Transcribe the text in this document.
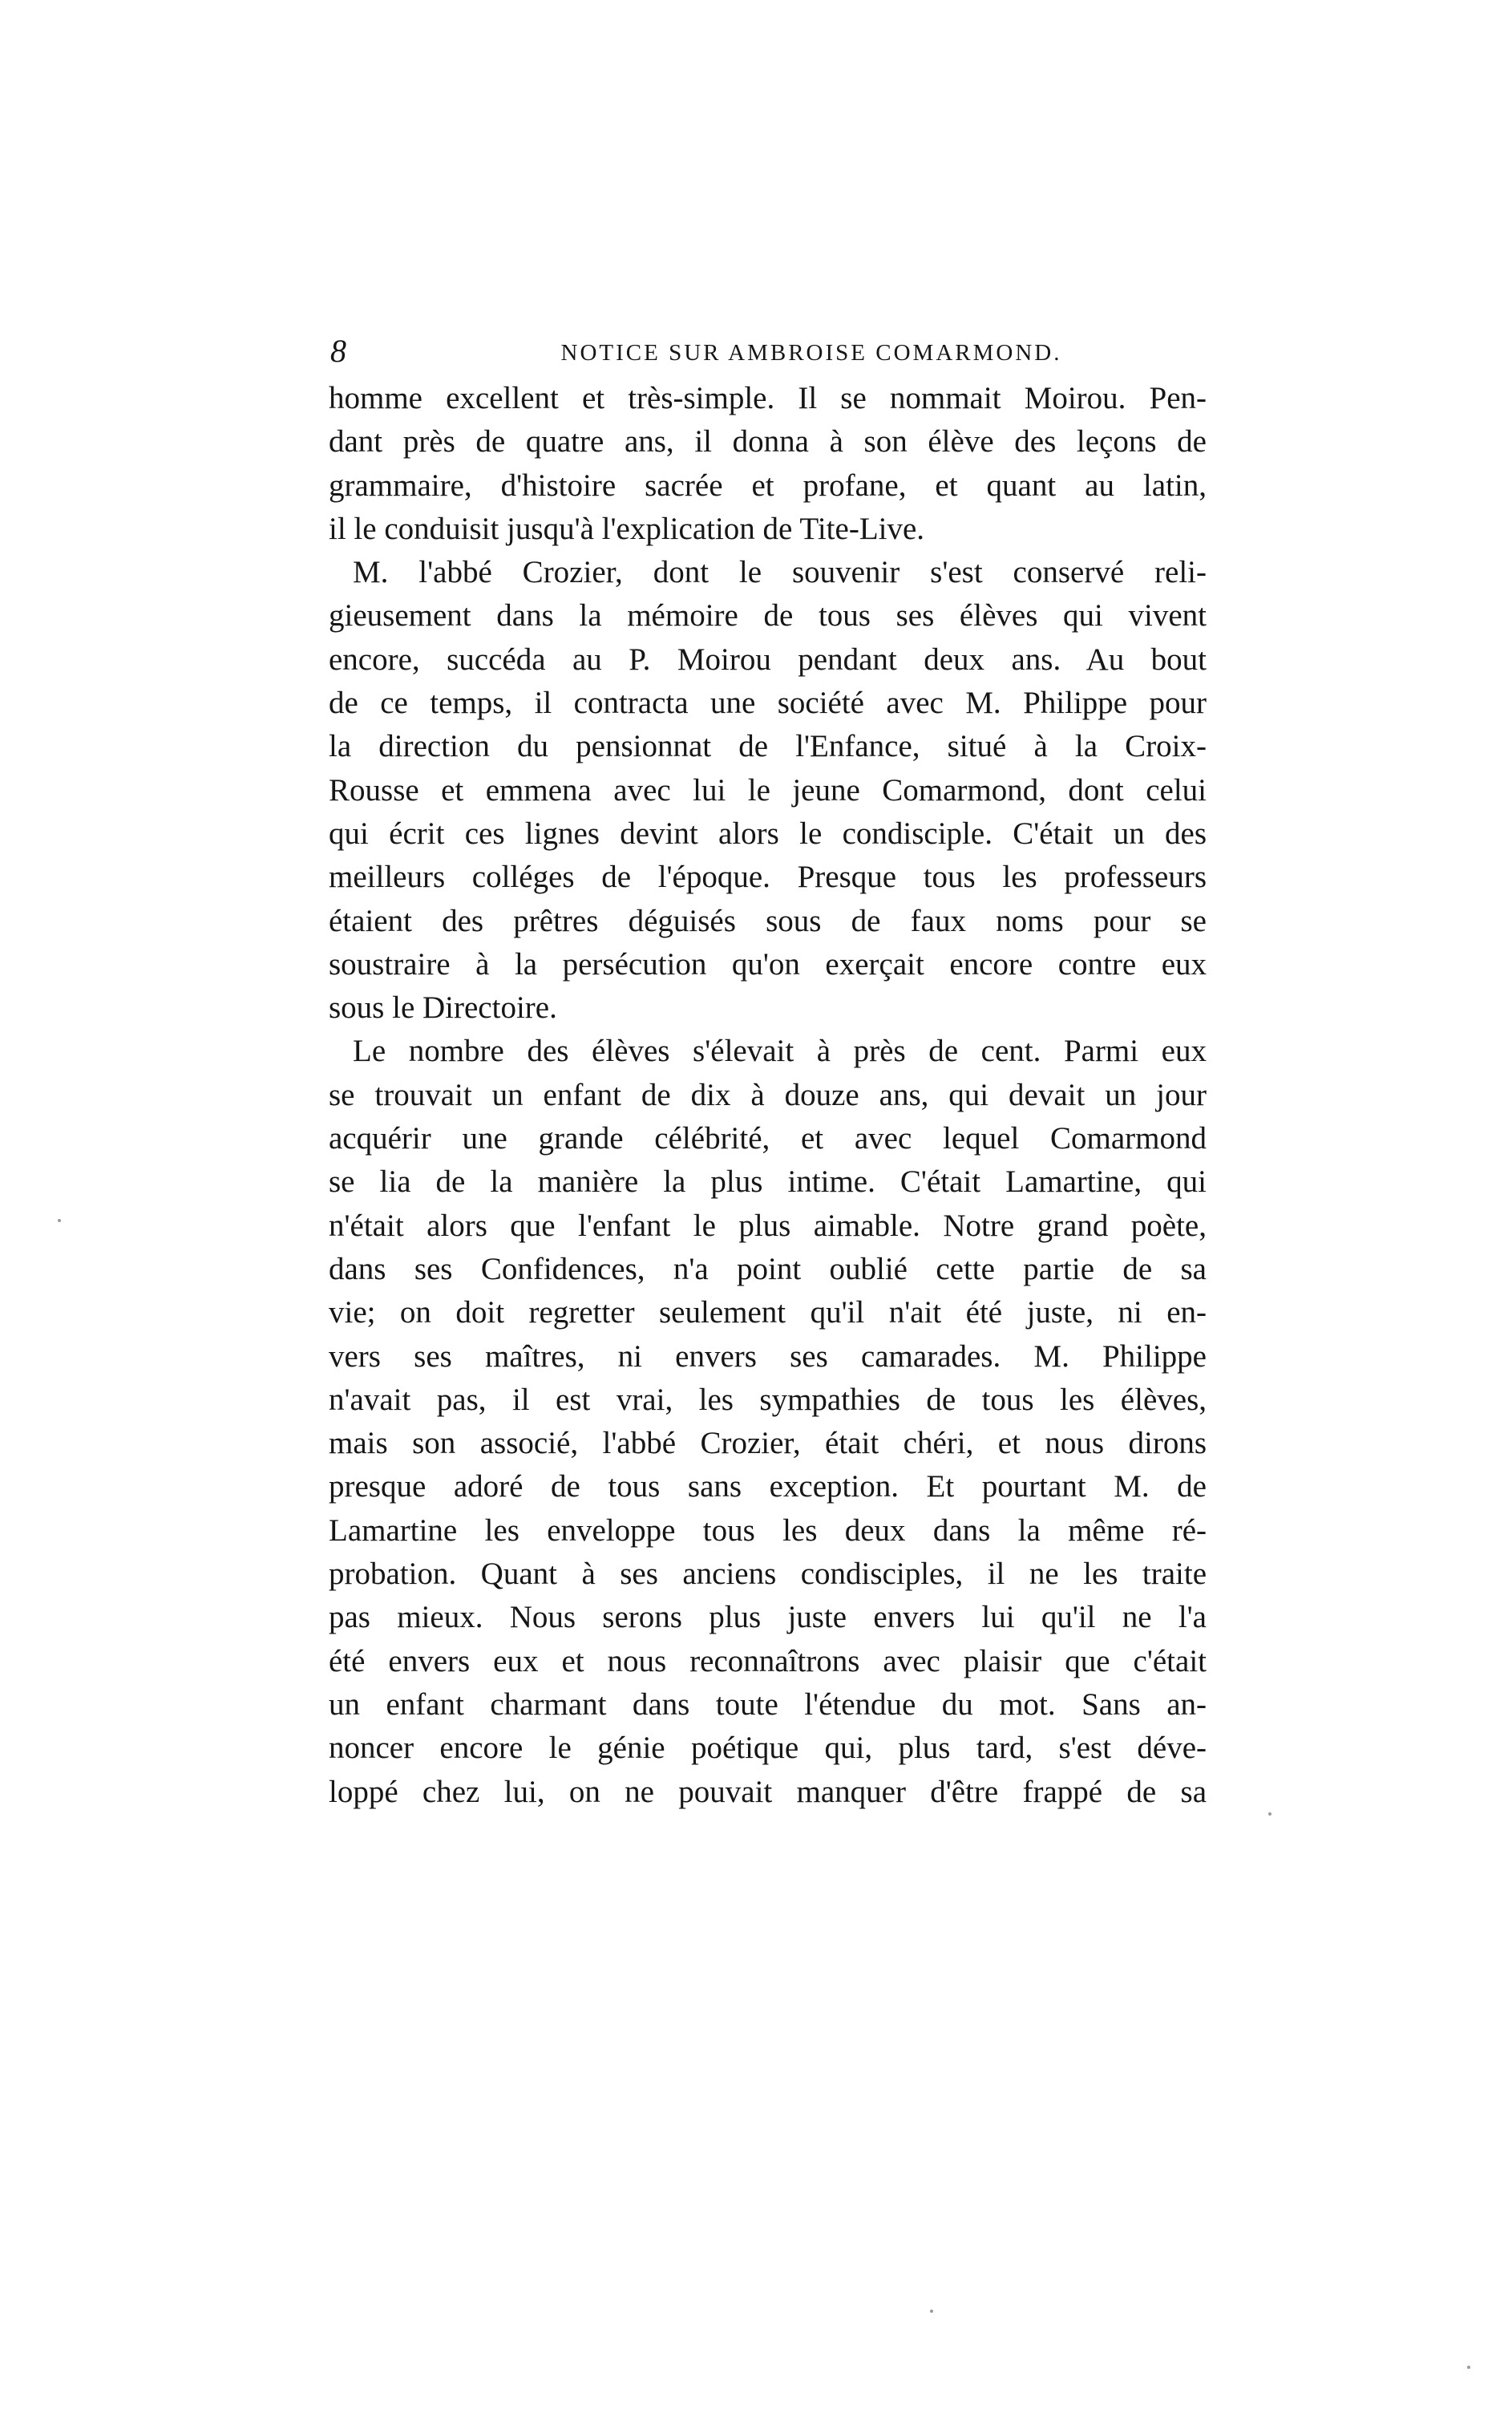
8	NOTICE SUR AMBROISE COMARMOND.
homme excellent et très-simple. Il se nommait Moirou. Pen-
dant près de quatre ans, il donna à son élève des leçons de
grammaire, d'histoire sacrée et profane, et quant au latin,
il le conduisit jusqu'à l'explication de Tite-Live.
M. l'abbé Crozier, dont le souvenir s'est conservé reli-
gieusement dans la mémoire de tous ses élèves qui vivent
encore, succéda au P. Moirou pendant deux ans. Au bout
de ce temps, il contracta une société avec M. Philippe pour
la direction du pensionnat de l'Enfance, situé à la Croix-
Rousse et emmena avec lui le jeune Comarmond, dont celui
qui écrit ces lignes devint alors le condisciple. C'était un des
meilleurs colléges de l'époque. Presque tous les professeurs
étaient des prêtres déguisés sous de faux noms pour se
soustraire à la persécution qu'on exerçait encore contre eux
sous le Directoire.
Le nombre des élèves s'élevait à près de cent. Parmi eux
se trouvait un enfant de dix à douze ans, qui devait un jour
acquérir une grande célébrité, et avec lequel Comarmond
se lia de la manière la plus intime. C'était Lamartine, qui
n'était alors que l'enfant le plus aimable. Notre grand poète,
dans ses Confidences, n'a point oublié cette partie de sa
vie; on doit regretter seulement qu'il n'ait été juste, ni en-
vers ses maîtres, ni envers ses camarades. M. Philippe
n'avait pas, il est vrai, les sympathies de tous les élèves,
mais son associé, l'abbé Crozier, était chéri, et nous dirons
presque adoré de tous sans exception. Et pourtant M. de
Lamartine les enveloppe tous les deux dans la même ré-
probation. Quant à ses anciens condisciples, il ne les traite
pas mieux. Nous serons plus juste envers lui qu'il ne l'a
été envers eux et nous reconnaîtrons avec plaisir que c'était
un enfant charmant dans toute l'étendue du mot. Sans an-
noncer encore le génie poétique qui, plus tard, s'est déve-
loppé chez lui, on ne pouvait manquer d'être frappé de sa
